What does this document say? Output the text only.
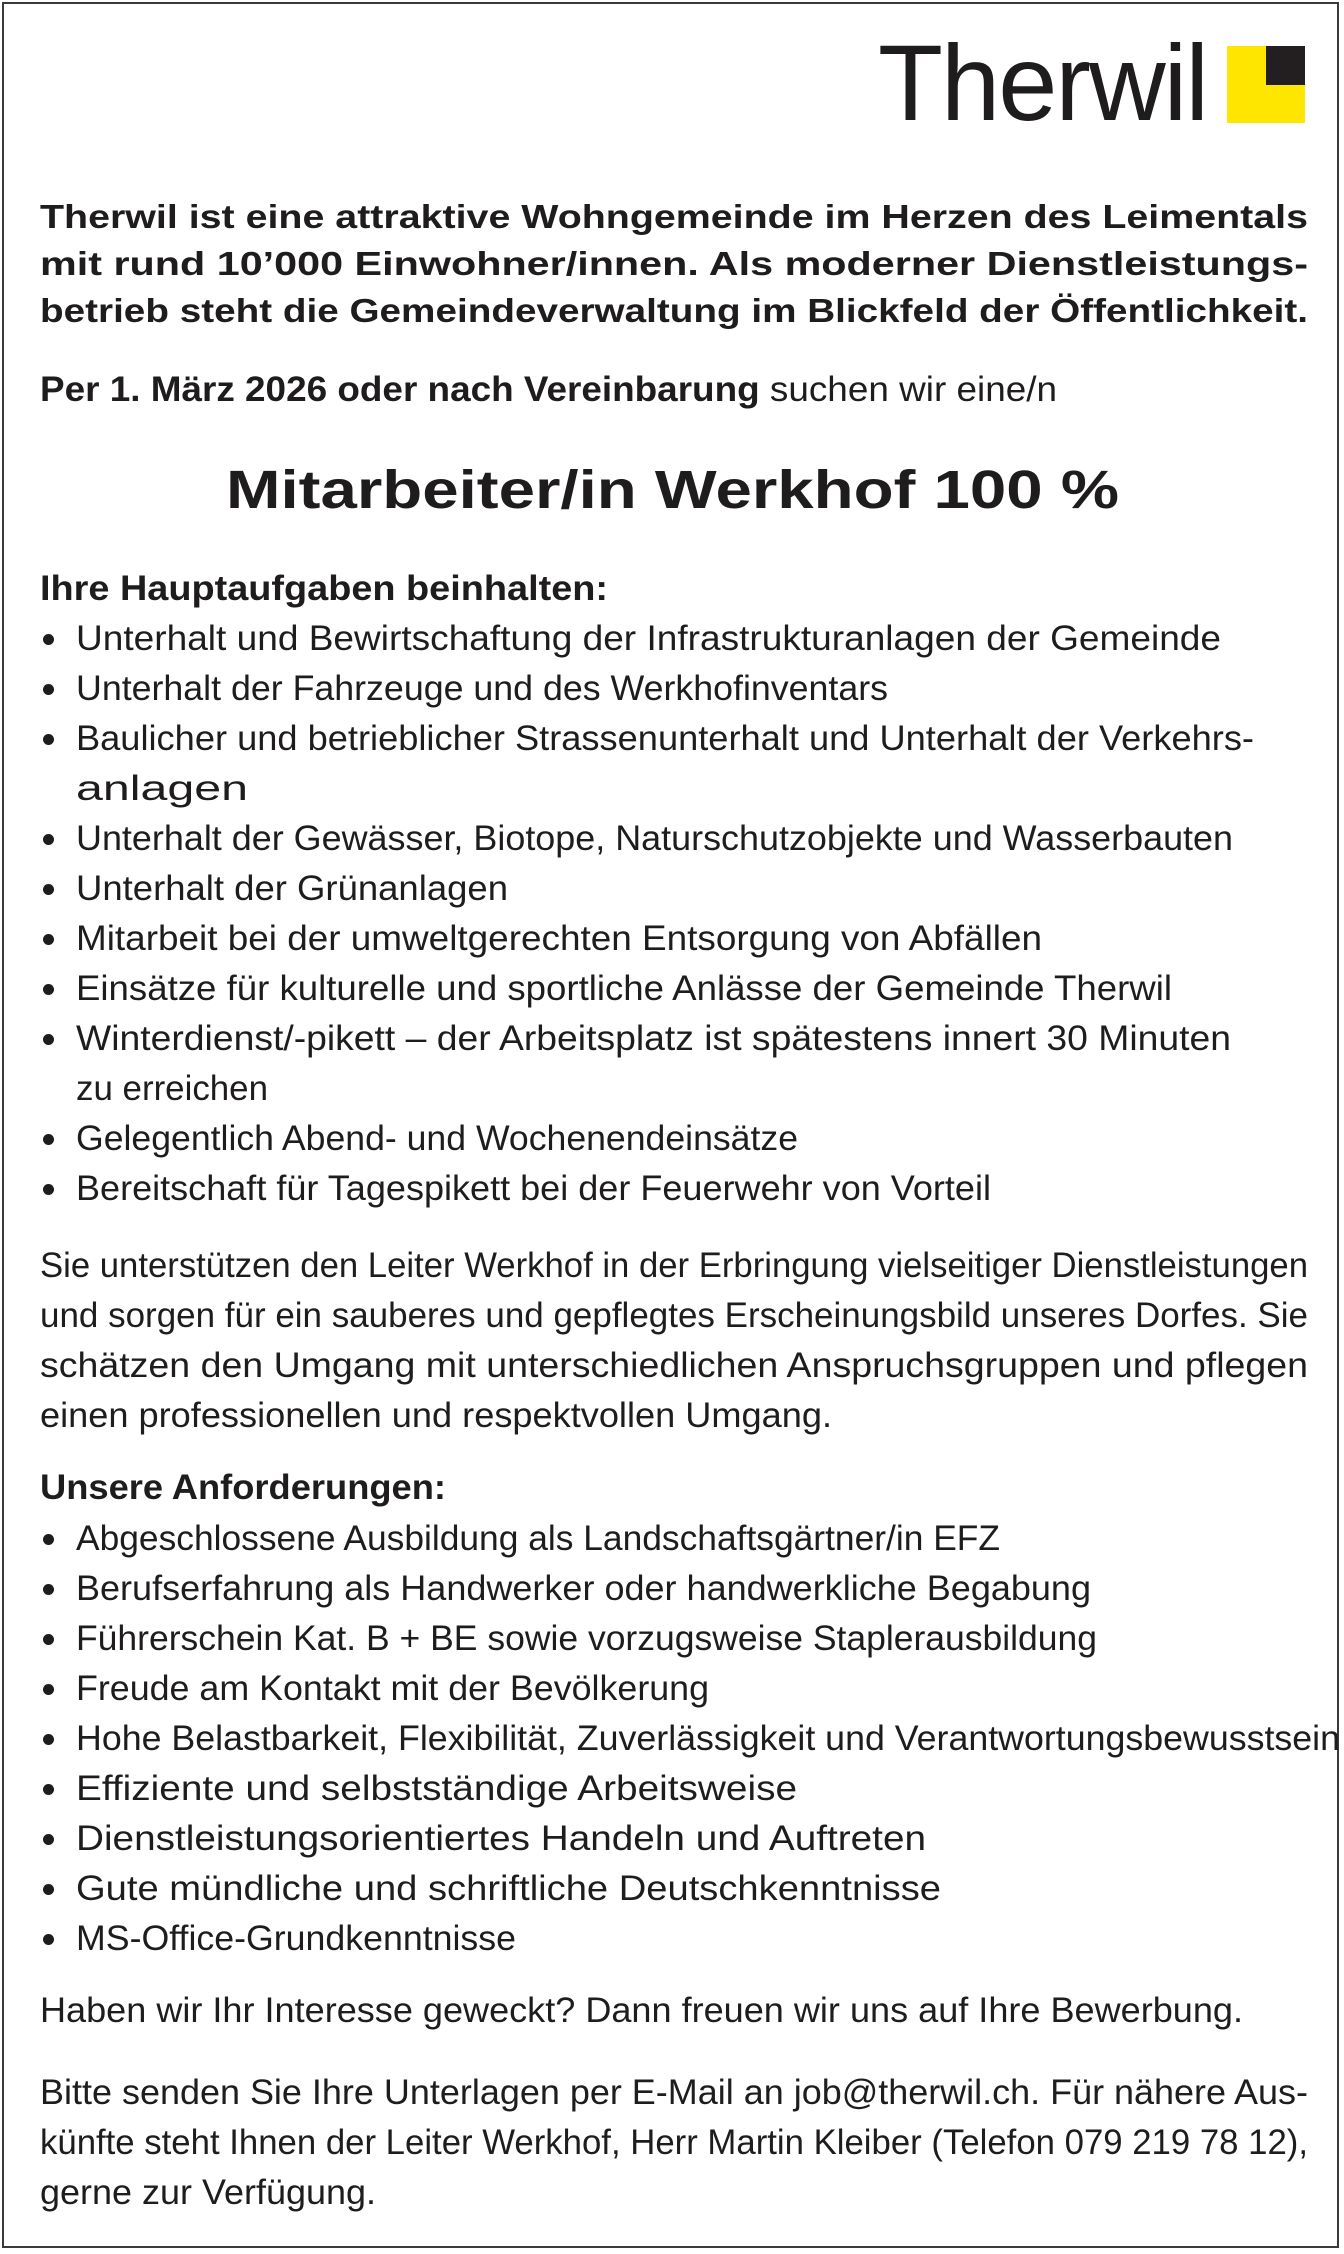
Therwil
Therwil ist eine attraktive Wohngemeinde im Herzen des Leimentals
mit rund 10’000 Einwohner/innen. Als moderner Dienstleistungs-
betrieb steht die Gemeindeverwaltung im Blickfeld der Öffentlichkeit.
Per 1. März 2026 oder nach Vereinbarung suchen wir eine/n
Mitarbeiter/in Werkhof 100 %
Ihre Hauptaufgaben beinhalten:
Unterhalt und Bewirtschaftung der Infrastrukturanlagen der Gemeinde
Unterhalt der Fahrzeuge und des Werkhofinventars
Baulicher und betrieblicher Strassenunterhalt und Unterhalt der Verkehrs-
anlagen
Unterhalt der Gewässer, Biotope, Naturschutzobjekte und Wasserbauten
Unterhalt der Grünanlagen
Mitarbeit bei der umweltgerechten Entsorgung von Abfällen
Einsätze für kulturelle und sportliche Anlässe der Gemeinde Therwil
Winterdienst/-pikett – der Arbeitsplatz ist spätestens innert 30 Minuten
zu erreichen
Gelegentlich Abend- und Wochenendeinsätze
Bereitschaft für Tagespikett bei der Feuerwehr von Vorteil
Sie unterstützen den Leiter Werkhof in der Erbringung vielseitiger Dienstleistungen
und sorgen für ein sauberes und gepflegtes Erscheinungsbild unseres Dorfes. Sie
schätzen den Umgang mit unterschiedlichen Anspruchsgruppen und pflegen
einen professionellen und respektvollen Umgang.
Unsere Anforderungen:
Abgeschlossene Ausbildung als Landschaftsgärtner/in EFZ
Berufserfahrung als Handwerker oder handwerkliche Begabung
Führerschein Kat. B + BE sowie vorzugsweise Staplerausbildung
Freude am Kontakt mit der Bevölkerung
Hohe Belastbarkeit, Flexibilität, Zuverlässigkeit und Verantwortungsbewusstsein
Effiziente und selbstständige Arbeitsweise
Dienstleistungsorientiertes Handeln und Auftreten
Gute mündliche und schriftliche Deutschkenntnisse
MS-Office-Grundkenntnisse
Haben wir Ihr Interesse geweckt? Dann freuen wir uns auf Ihre Bewerbung.
Bitte senden Sie Ihre Unterlagen per E-Mail an job@therwil.ch. Für nähere Aus-
künfte steht Ihnen der Leiter Werkhof, Herr Martin Kleiber (Telefon 079 219 78 12),
gerne zur Verfügung.
